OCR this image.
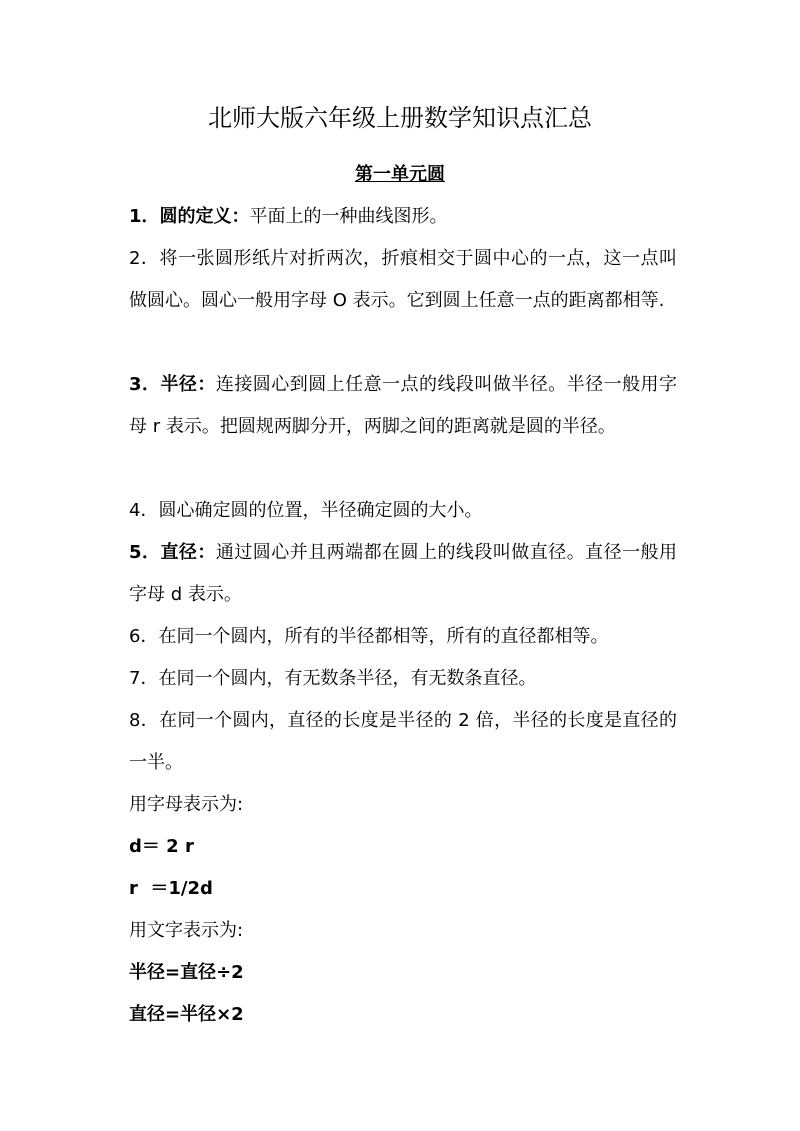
北师大版六年级上册数学知识点汇总
第一单元圆

1．圆的定义：平面上的一种曲线图形。

2．将一张圆形纸片对折两次，折痕相交于圆中心的一点，这一点叫做圆心。圆心一般用字母 O 表示。它到圆上任意一点的距离都相等.

3．半径：连接圆心到圆上任意一点的线段叫做半径。半径一般用字母 r 表示。把圆规两脚分开，两脚之间的距离就是圆的半径。

4．圆心确定圆的位置，半径确定圆的大小。

5．直径：通过圆心并且两端都在圆上的线段叫做直径。直径一般用字母 d 表示。

6．在同一个圆内，所有的半径都相等，所有的直径都相等。

7．在同一个圆内，有无数条半径，有无数条直径。

8．在同一个圆内，直径的长度是半径的 2 倍，半径的长度是直径的一半。

用字母表示为:

d＝ 2 r

r  ＝1/2d

用文字表示为:

半径=直径÷2

直径=半径×2
